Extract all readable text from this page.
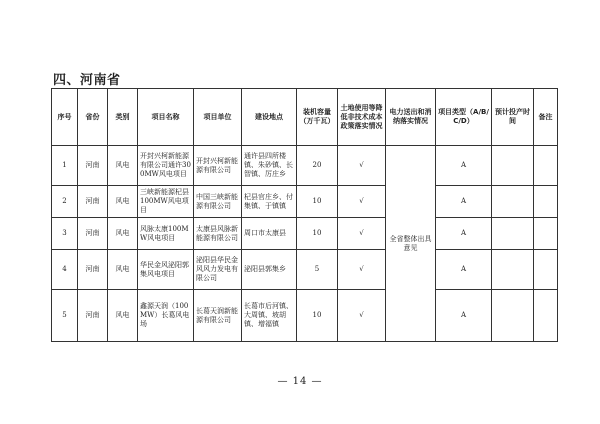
四、河南省
序号	省份	类别	项目名称	项目单位	建设地点	装机容量（万千瓦）	土地使用等降低非技术成本政策落实情况	电力送出和消纳落实情况	项目类型（A/B/C/D）	预计投产时间	备注
1	河南	风电	开封兴柯新能源有限公司通许300MW风电项目	开封兴柯新能源有限公司	通许县四所楼镇、朱砂镇、长智镇、厉庄乡	20	√	全省整体出具意见	A		
2	河南	风电	三峡新能源杞县100MW风电项目	中国三峡新能源有限公司	杞县官庄乡、付集镇、于镇镇	10	√		A		
3	河南	风电	风脉太康100MW风电项目	太康县风脉新能源有限公司	周口市太康县	10	√		A		
4	河南	风电	华民金风泌阳郭集风电项目	泌阳县华民金风风力发电有限公司	泌阳县郭集乡	5	√		A		
5	河南	风电	鑫源天润（100MW）长葛风电场	长葛天润新能源有限公司	长葛市后河镇、大周镇、坡胡镇、增福镇	10	√		A		
— 14 —
